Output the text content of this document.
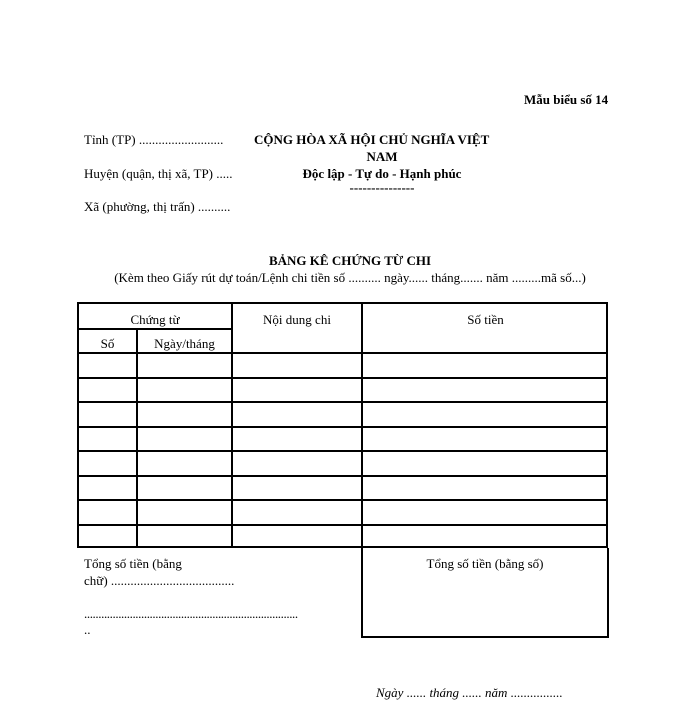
Mẫu biểu số 14
Tỉnh (TP) ..........................
Huyện (quận, thị xã, TP) .....
Xã (phường, thị trấn) ..........
CỘNG HÒA XÃ HỘI CHỦ NGHĨA VIỆT
NAM
Độc lập - Tự do - Hạnh phúc
---------------
BẢNG KÊ CHỨNG TỪ CHI
(Kèm theo Giấy rút dự toán/Lệnh chi tiền số .......... ngày...... tháng....... năm .........mã số...)
Chứng từ	Nội dung chi	Số tiền
Số	Ngày/tháng
Tổng số tiền (bằng
chữ) ......................................
...........................................................................
..
Tổng số tiền (bằng số)
Ngày ...... tháng ...... năm ................
